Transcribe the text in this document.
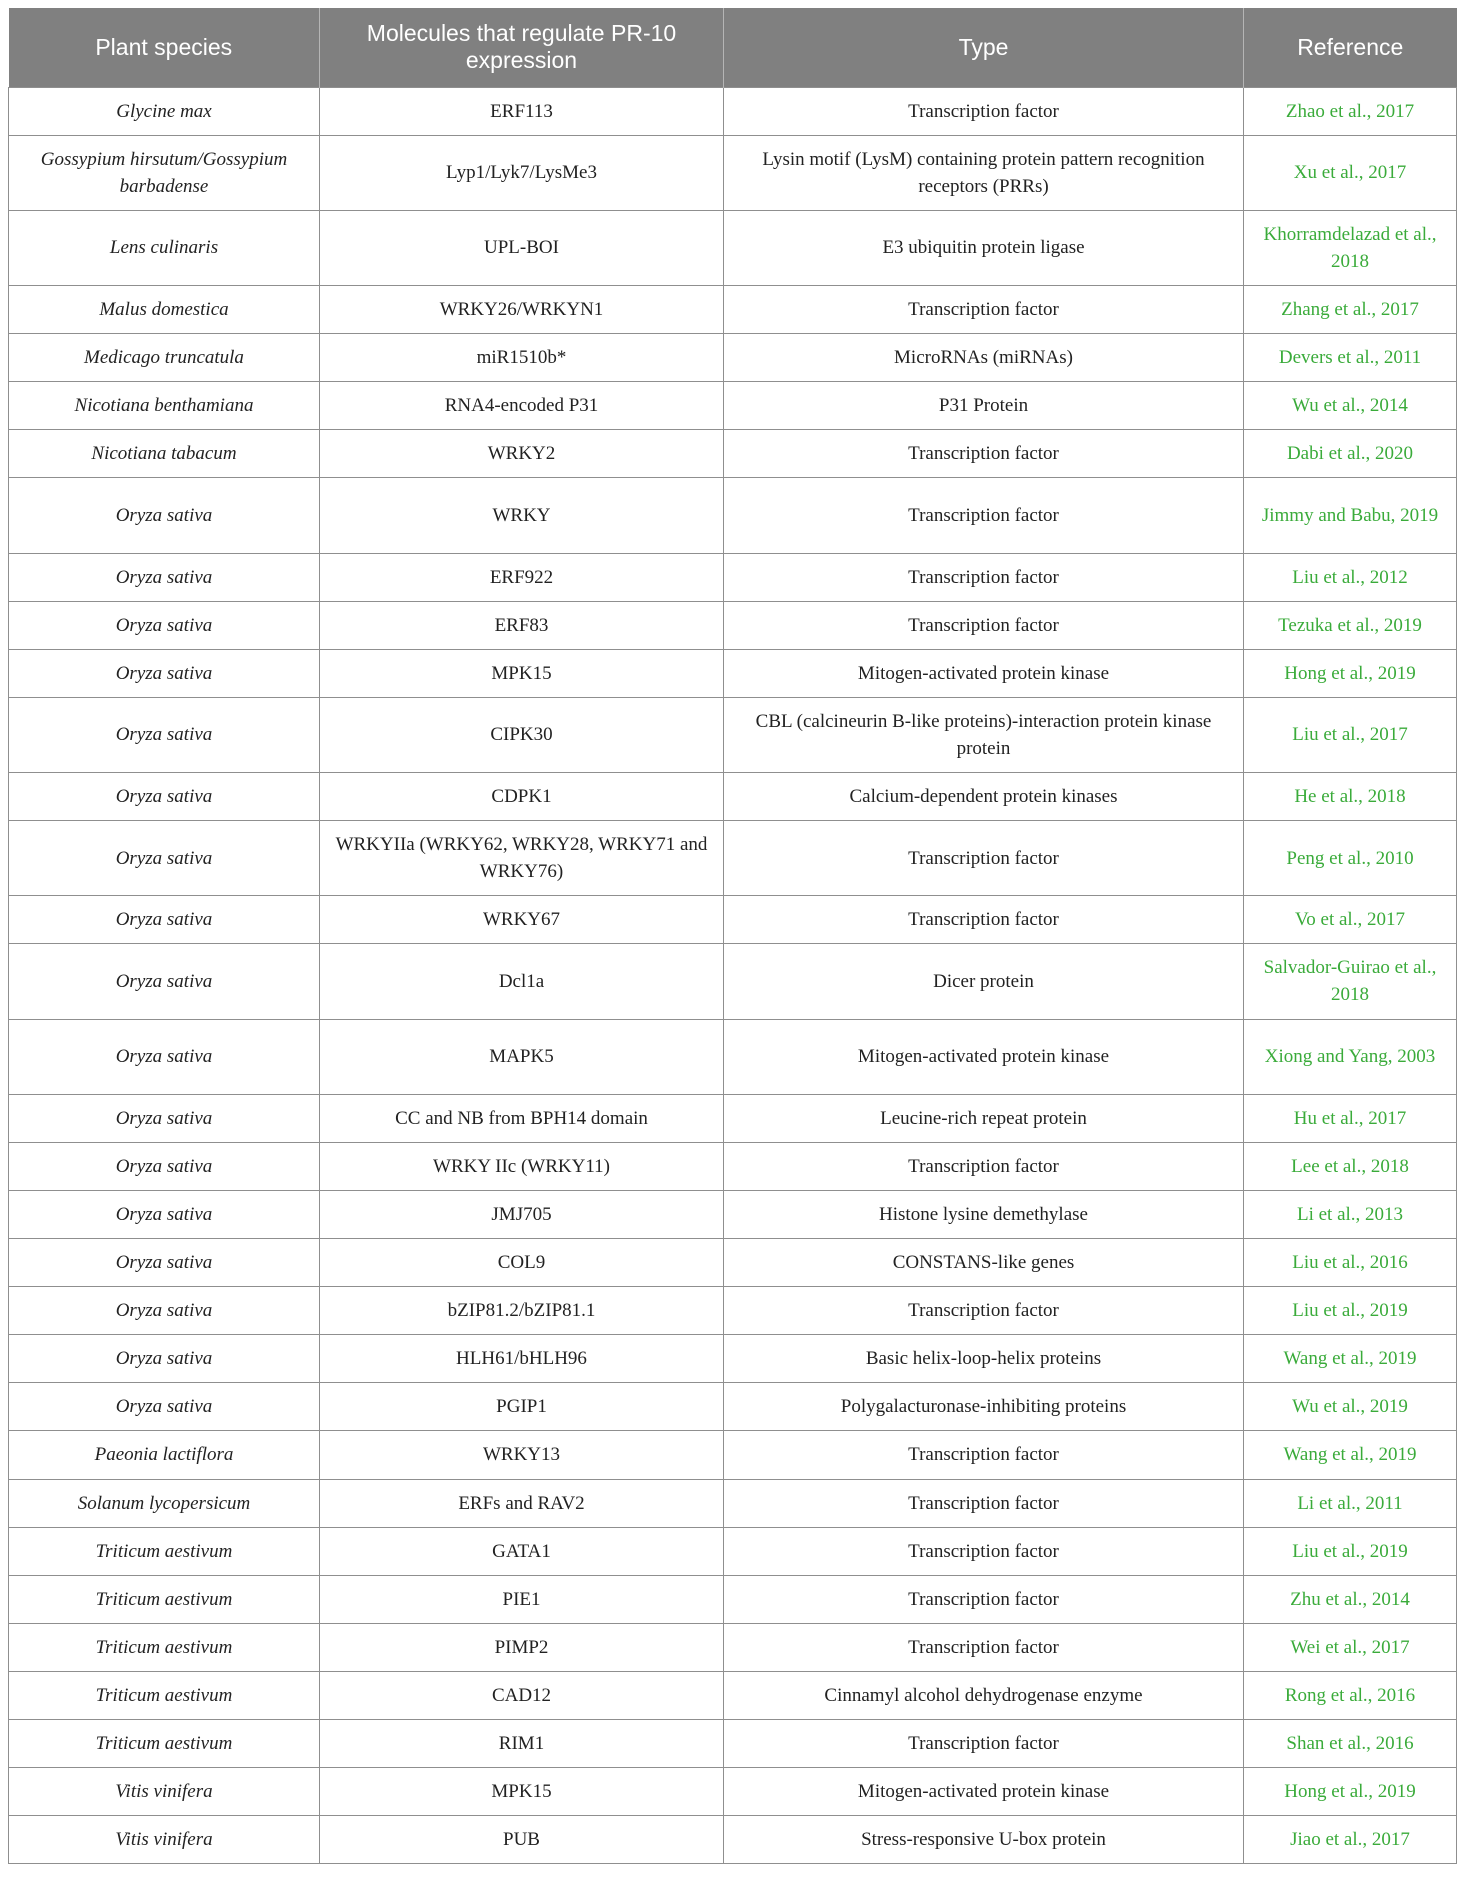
Plant species	Molecules that regulate PR-10 expression	Type	Reference
Glycine max	ERF113	Transcription factor	Zhao et al., 2017
Gossypium hirsutum/Gossypium barbadense	Lyp1/Lyk7/LysMe3	Lysin motif (LysM) containing protein pattern recognition receptors (PRRs)	Xu et al., 2017
Lens culinaris	UPL-BOI	E3 ubiquitin protein ligase	Khorramdelazad et al., 2018
Malus domestica	WRKY26/WRKYN1	Transcription factor	Zhang et al., 2017
Medicago truncatula	miR1510b*	MicroRNAs (miRNAs)	Devers et al., 2011
Nicotiana benthamiana	RNA4-encoded P31	P31 Protein	Wu et al., 2014
Nicotiana tabacum	WRKY2	Transcription factor	Dabi et al., 2020
Oryza sativa	WRKY	Transcription factor	Jimmy and Babu, 2019
Oryza sativa	ERF922	Transcription factor	Liu et al., 2012
Oryza sativa	ERF83	Transcription factor	Tezuka et al., 2019
Oryza sativa	MPK15	Mitogen-activated protein kinase	Hong et al., 2019
Oryza sativa	CIPK30	CBL (calcineurin B-like proteins)-interaction protein kinase protein	Liu et al., 2017
Oryza sativa	CDPK1	Calcium-dependent protein kinases	He et al., 2018
Oryza sativa	WRKYIIa (WRKY62, WRKY28, WRKY71 and WRKY76)	Transcription factor	Peng et al., 2010
Oryza sativa	WRKY67	Transcription factor	Vo et al., 2017
Oryza sativa	Dcl1a	Dicer protein	Salvador-Guirao et al., 2018
Oryza sativa	MAPK5	Mitogen-activated protein kinase	Xiong and Yang, 2003
Oryza sativa	CC and NB from BPH14 domain	Leucine-rich repeat protein	Hu et al., 2017
Oryza sativa	WRKY IIc (WRKY11)	Transcription factor	Lee et al., 2018
Oryza sativa	JMJ705	Histone lysine demethylase	Li et al., 2013
Oryza sativa	COL9	CONSTANS-like genes	Liu et al., 2016
Oryza sativa	bZIP81.2/bZIP81.1	Transcription factor	Liu et al., 2019
Oryza sativa	HLH61/bHLH96	Basic helix-loop-helix proteins	Wang et al., 2019
Oryza sativa	PGIP1	Polygalacturonase-inhibiting proteins	Wu et al., 2019
Paeonia lactiflora	WRKY13	Transcription factor	Wang et al., 2019
Solanum lycopersicum	ERFs and RAV2	Transcription factor	Li et al., 2011
Triticum aestivum	GATA1	Transcription factor	Liu et al., 2019
Triticum aestivum	PIE1	Transcription factor	Zhu et al., 2014
Triticum aestivum	PIMP2	Transcription factor	Wei et al., 2017
Triticum aestivum	CAD12	Cinnamyl alcohol dehydrogenase enzyme	Rong et al., 2016
Triticum aestivum	RIM1	Transcription factor	Shan et al., 2016
Vitis vinifera	MPK15	Mitogen-activated protein kinase	Hong et al., 2019
Vitis vinifera	PUB	Stress-responsive U-box protein	Jiao et al., 2017
